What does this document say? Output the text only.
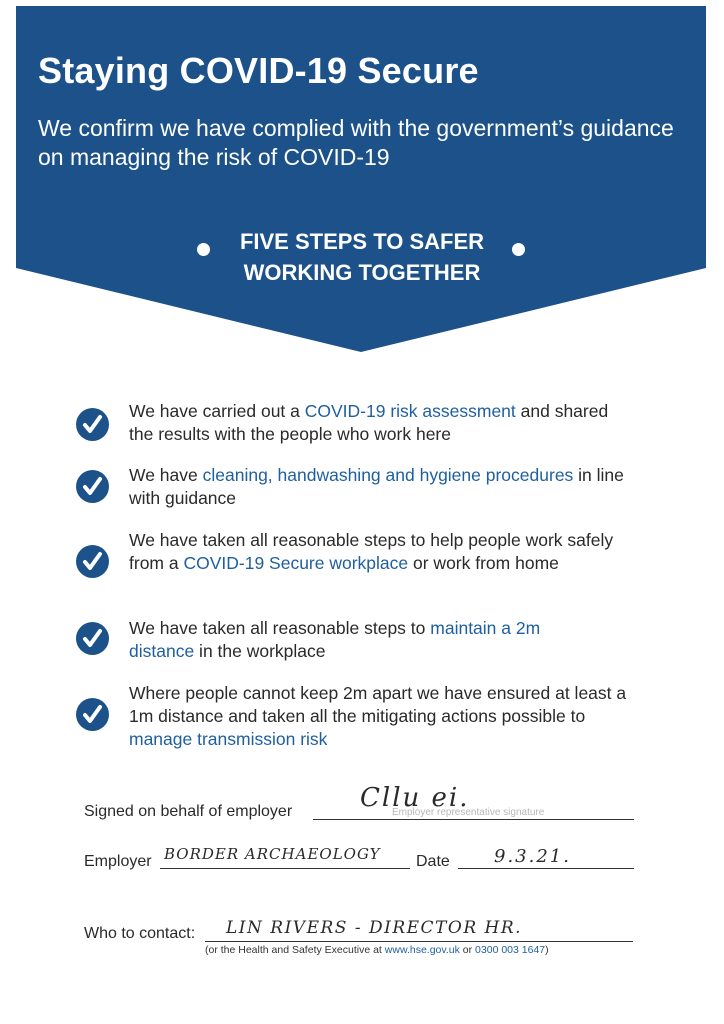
Staying COVID-19 Secure
We confirm we have complied with the government’s guidance on managing the risk of COVID-19
FIVE STEPS TO SAFER
WORKING TOGETHER
We have carried out a COVID-19 risk assessment and shared the results with the people who work here
We have cleaning, handwashing and hygiene procedures in line with guidance
We have taken all reasonable steps to help people work safely from a COVID-19 Secure workplace or work from home
We have taken all reasonable steps to maintain a 2m distance in the workplace
Where people cannot keep 2m apart we have ensured at least a 1m distance and taken all the mitigating actions possible to manage transmission risk
Signed on behalf of employer	Cllu ei.
Employer representative signature
Employer BORDER ARCHAEOLOGY Date 9.3.21.
Who to contact: LIN RIVERS - DIRECTOR HR.
(or the Health and Safety Executive at www.hse.gov.uk or 0300 003 1647)
